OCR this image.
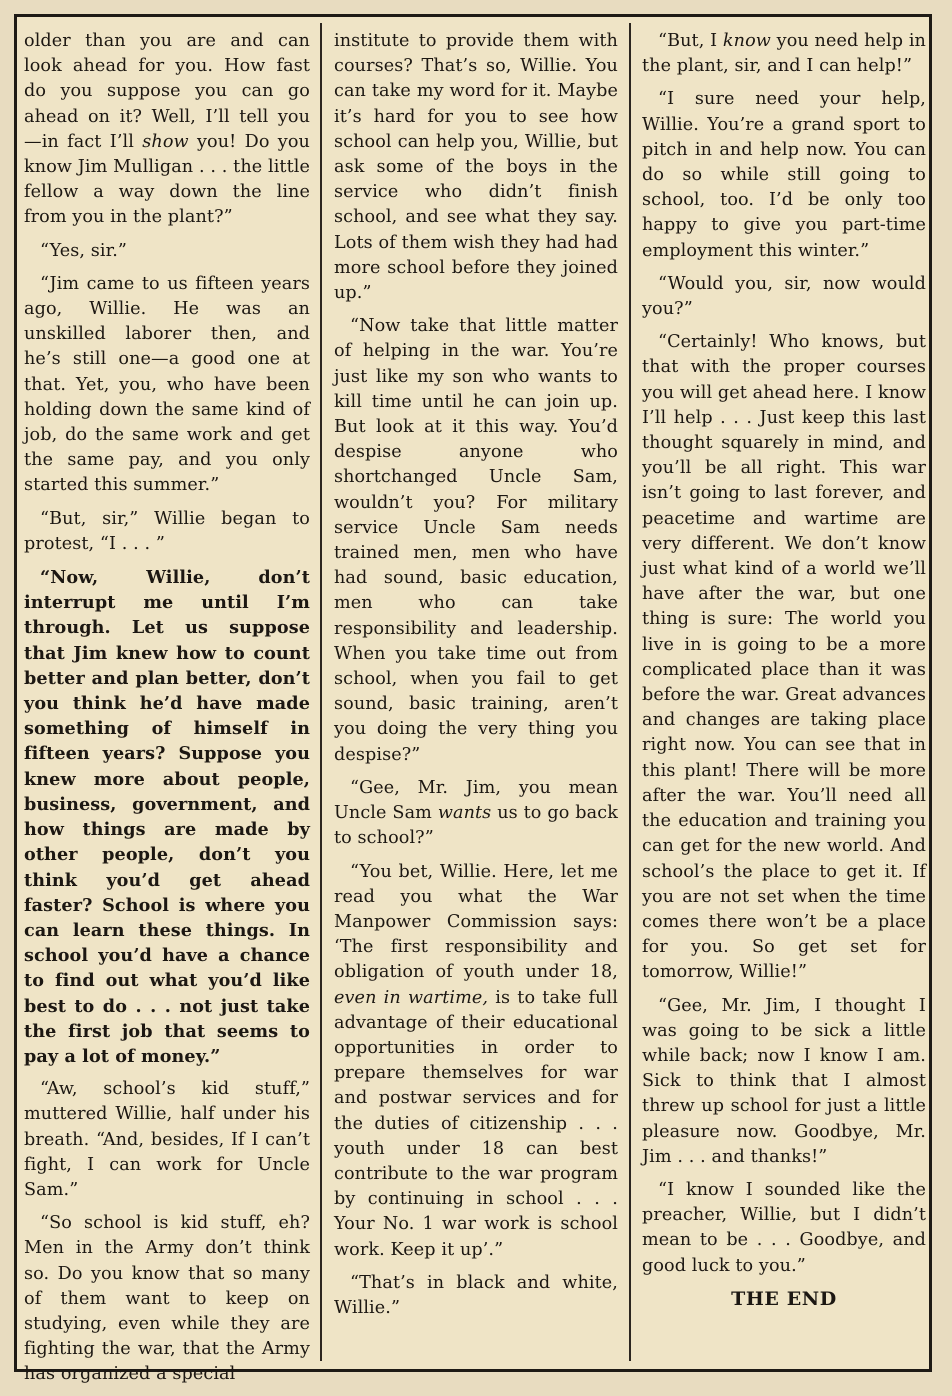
older than you are and can look ahead for you. How fast do you suppose you can go ahead on it? Well, I’ll tell you —in fact I’ll show you! Do you know Jim Mulligan . . . the little fellow a way down the line from you in the plant?”

“Yes, sir.”

“Jim came to us fifteen years ago, Willie. He was an unskilled laborer then, and he’s still one—a good one at that. Yet, you, who have been holding down the same kind of job, do the same work and get the same pay, and you only started this summer.”

“But, sir,” Willie began to protest, “I . . . ”

“Now, Willie, don’t interrupt me until I’m through. Let us suppose that Jim knew how to count better and plan better, don’t you think he’d have made something of himself in fifteen years? Suppose you knew more about people, business, government, and how things are made by other people, don’t you think you’d get ahead faster? School is where you can learn these things. In school you’d have a chance to find out what you’d like best to do . . . not just take the first job that seems to pay a lot of money.”

“Aw, school’s kid stuff,” muttered Willie, half under his breath. “And, besides, If I can’t fight, I can work for Uncle Sam.”

“So school is kid stuff, eh? Men in the Army don’t think so. Do you know that so many of them want to keep on studying, even while they are fighting the war, that the Army has organized a special

institute to provide them with courses? That’s so, Willie. You can take my word for it. Maybe it’s hard for you to see how school can help you, Willie, but ask some of the boys in the service who didn’t finish school, and see what they say. Lots of them wish they had had more school before they joined up.”

“Now take that little matter of helping in the war. You’re just like my son who wants to kill time until he can join up. But look at it this way. You’d despise anyone who shortchanged Uncle Sam, wouldn’t you? For military service Uncle Sam needs trained men, men who have had sound, basic education, men who can take responsibility and leadership. When you take time out from school, when you fail to get sound, basic training, aren’t you doing the very thing you despise?”

“Gee, Mr. Jim, you mean Uncle Sam wants us to go back to school?”

“You bet, Willie. Here, let me read you what the War Manpower Commission says: ‘The first responsibility and obligation of youth under 18, even in wartime, is to take full advantage of their educational opportunities in order to prepare themselves for war and postwar services and for the duties of citizenship . . . youth under 18 can best contribute to the war program by continuing in school . . . Your No. 1 war work is school work. Keep it up’.”

“That’s in black and white, Willie.”

“But, I know you need help in the plant, sir, and I can help!”

“I sure need your help, Willie. You’re a grand sport to pitch in and help now. You can do so while still going to school, too. I’d be only too happy to give you part-time employment this winter.”

“Would you, sir, now would you?”

“Certainly! Who knows, but that with the proper courses you will get ahead here. I know I’ll help . . . Just keep this last thought squarely in mind, and you’ll be all right. This war isn’t going to last forever, and peacetime and wartime are very different. We don’t know just what kind of a world we’ll have after the war, but one thing is sure: The world you live in is going to be a more complicated place than it was before the war. Great advances and changes are taking place right now. You can see that in this plant! There will be more after the war. You’ll need all the education and training you can get for the new world. And school’s the place to get it. If you are not set when the time comes there won’t be a place for you. So get set for tomorrow, Willie!”

“Gee, Mr. Jim, I thought I was going to be sick a little while back; now I know I am. Sick to think that I almost threw up school for just a little pleasure now. Goodbye, Mr. Jim . . . and thanks!”

“I know I sounded like the preacher, Willie, but I didn’t mean to be . . . Goodbye, and good luck to you.”

THE END
